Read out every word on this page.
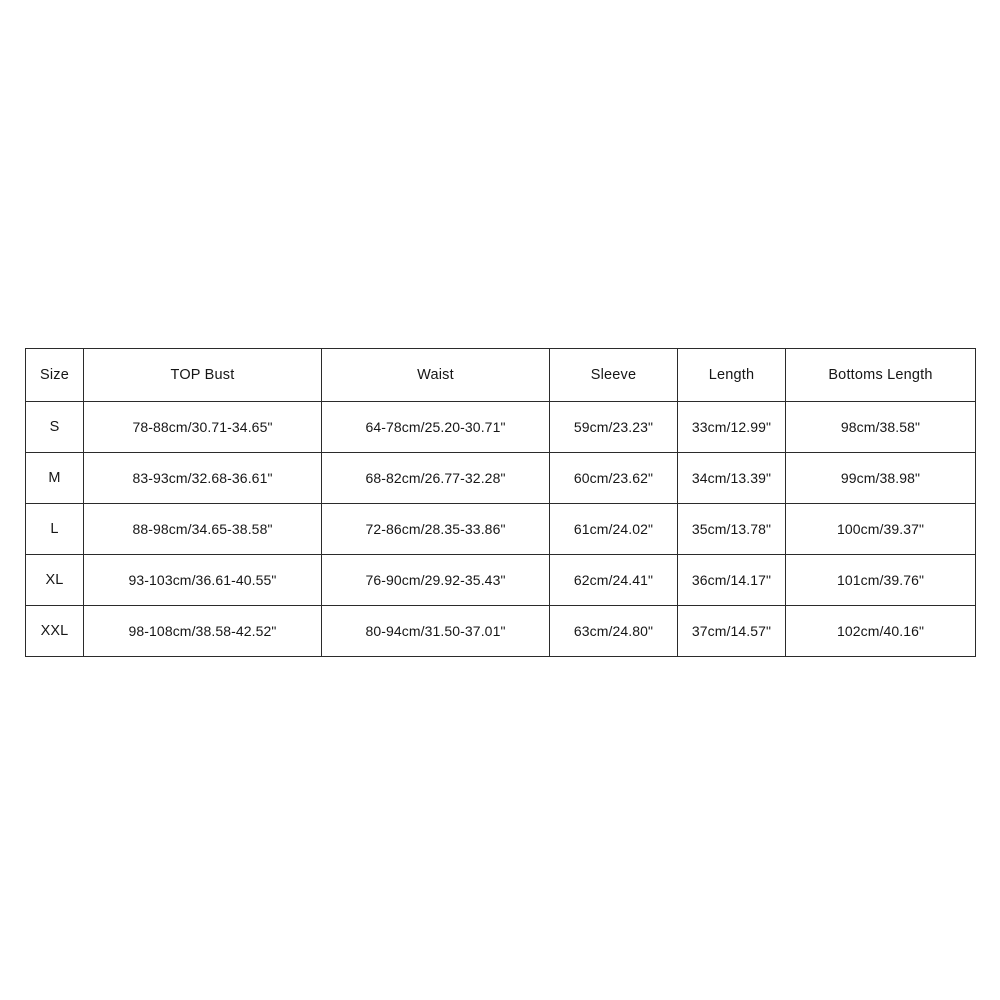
Size	TOP Bust	Waist	Sleeve	Length	Bottoms Length
S	78-88cm/30.71-34.65"	64-78cm/25.20-30.71"	59cm/23.23"	33cm/12.99"	98cm/38.58"
M	83-93cm/32.68-36.61"	68-82cm/26.77-32.28"	60cm/23.62"	34cm/13.39"	99cm/38.98"
L	88-98cm/34.65-38.58"	72-86cm/28.35-33.86"	61cm/24.02"	35cm/13.78"	100cm/39.37"
XL	93-103cm/36.61-40.55"	76-90cm/29.92-35.43"	62cm/24.41"	36cm/14.17"	101cm/39.76"
XXL	98-108cm/38.58-42.52"	80-94cm/31.50-37.01"	63cm/24.80"	37cm/14.57"	102cm/40.16"
